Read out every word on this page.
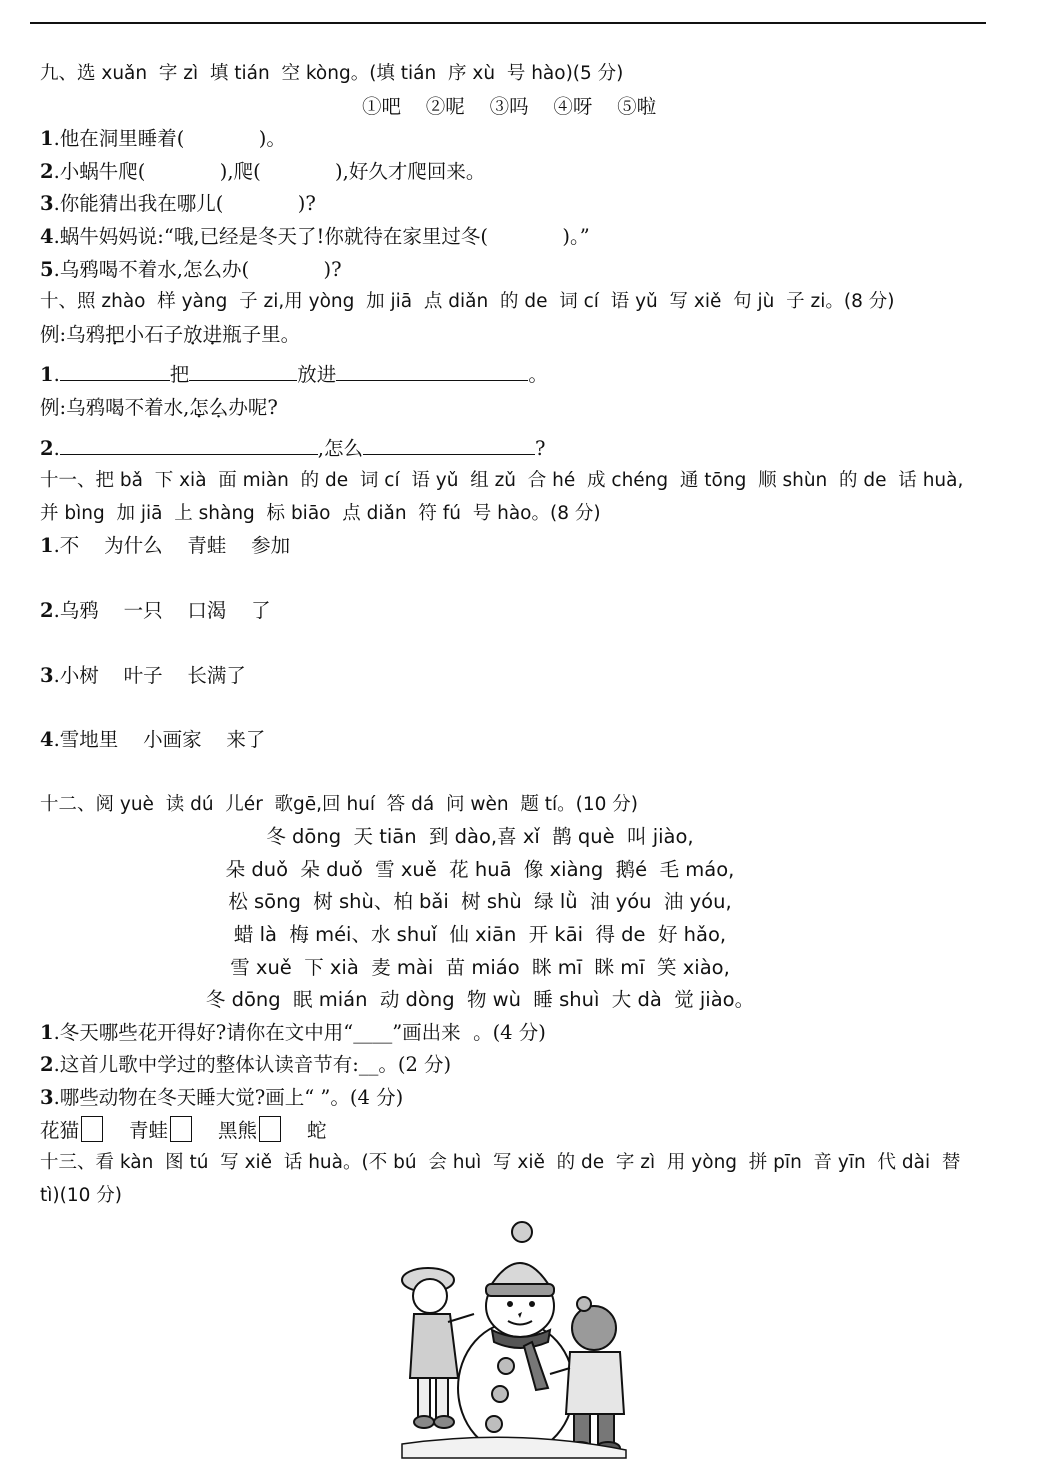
九、选 xuǎn  字 zì  填 tián  空 kòng。(填 tián  序 xù  号 hào)(5 分)
①吧    ②呢    ③吗    ④呀    ⑤啦
1.他在洞里睡着(            )。
2.小蜗牛爬(            ),爬(            ),好久才爬回来。
3.你能猜出我在哪儿(            )?
4.蜗牛妈妈说:“哦,已经是冬天了!你就待在家里过冬(            )。”
5.乌鸦喝不着水,怎么办(            )?
十、照 zhào  样 yàng  子 zi,用 yòng  加 jiā  点 diǎn  的 de  词 cí  语 yǔ  写 xiě  句 jù  子 zi。(8 分)
例:乌鸦把小石子放进瓶子里。
1.	把	放进	。
例:乌鸦喝不着水,怎么办呢?
2.	,怎么	?
十一、把 bǎ  下 xià  面 miàn  的 de  词 cí  语 yǔ  组 zǔ  合 hé  成 chéng  通 tōng  顺 shùn  的 de  话 huà,
并 bìng  加 jiā  上 shàng  标 biāo  点 diǎn  符 fú  号 hào。(8 分)
1.不    为什么    青蛙    参加
2.乌鸦    一只    口渴    了
3.小树    叶子    长满了
4.雪地里    小画家    来了
十二、阅 yuè  读 dú  儿ér  歌gē,回 huí  答 dá  问 wèn  题 tí。(10 分)
冬 dōng  天 tiān  到 dào,喜 xǐ  鹊 què  叫 jiào,
朵 duǒ  朵 duǒ  雪 xuě  花 huā  像 xiàng  鹅é  毛 máo,
松 sōng  树 shù、柏 bǎi  树 shù  绿 lǜ  油 yóu  油 yóu,
蜡 là  梅 méi、水 shuǐ  仙 xiān  开 kāi  得 de  好 hǎo,
雪 xuě  下 xià  麦 mài  苗 miáo  眯 mī  眯 mī  笑 xiào,
冬 dōng  眠 mián  动 dòng  物 wù  睡 shuì  大 dà  觉 jiào。
1.冬天哪些花开得好?请你在文中用“____”画出来  。(4 分)
2.这首儿歌中学过的整体认读音节有:__。(2 分)
3.哪些动物在冬天睡大觉?画上“ ”。(4 分)
花猫	青蛙	黑熊	蛇
十三、看 kàn  图 tú  写 xiě  话 huà。(不 bú  会 huì  写 xiě  的 de  字 zì  用 yòng  拼 pīn  音 yīn  代 dài  替
tì)(10 分)
